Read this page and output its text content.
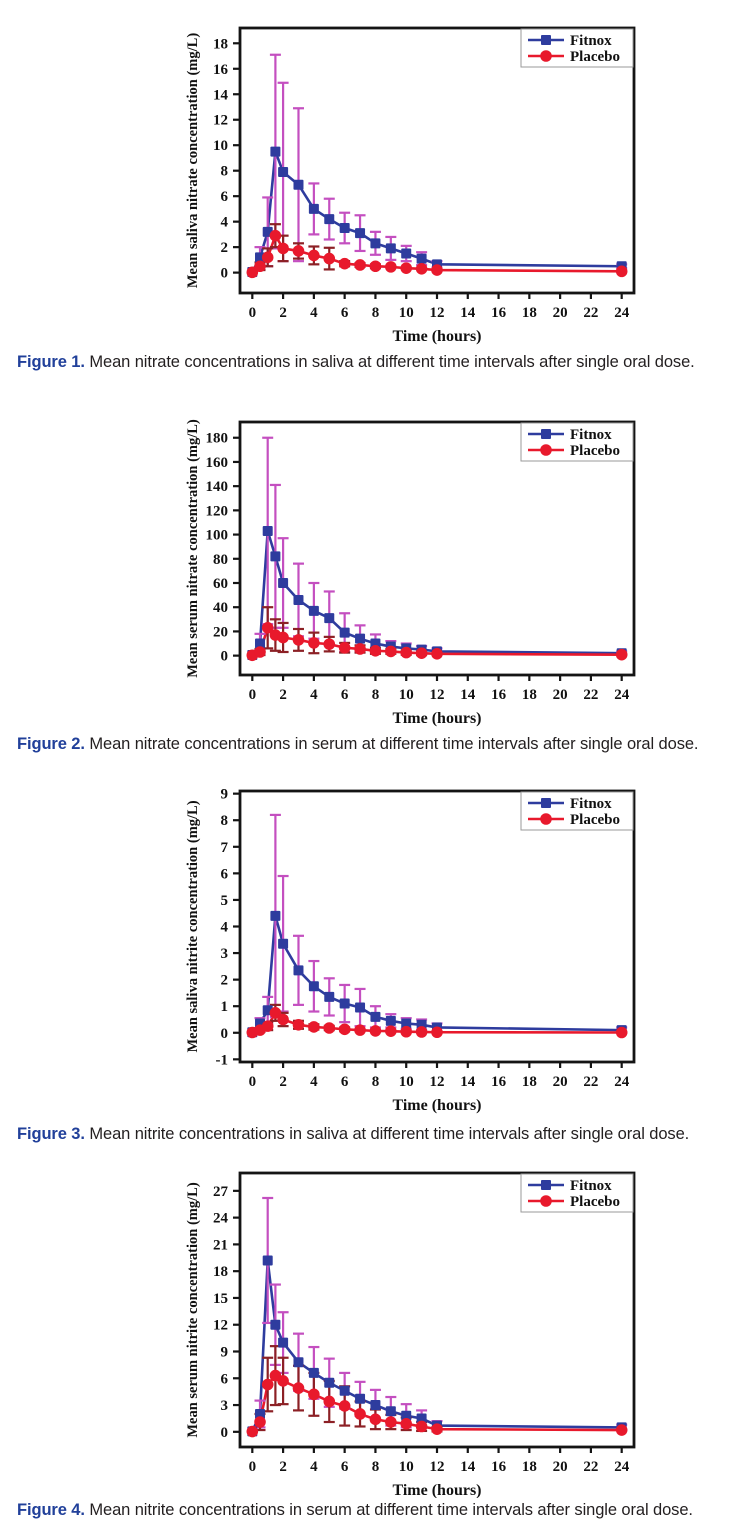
0 2 4 6 8 10 12 14 16 18 20 22 24
0
2
4
6
8
10
12
14
16
18
Mean saliva nitrate concentration (mg/L)
Time (hours)
Fitnox
Placebo
Figure 1. Mean nitrate concentrations in saliva at different time intervals after single oral dose.
0 2 4 6 8 10 12 14 16 18 20 22 24
0
20
40
60
80
100
120
140
160
180
Mean serum nitrate concentration (mg/L)
Time (hours)
Fitnox
Placebo
Figure 2. Mean nitrate concentrations in serum at different time intervals after single oral dose.
0 2 4 6 8 10 12 14 16 18 20 22 24
-1
0
1
2
3
4
5
6
7
8
9
Mean saliva nitrite concentration (mg/L)
Time (hours)
Fitnox
Placebo
Figure 3. Mean nitrite concentrations in saliva at different time intervals after single oral dose.
0 2 4 6 8 10 12 14 16 18 20 22 24
0
3
6
9
12
15
18
21
24
27
Mean serum nitrite concentration (mg/L)
Time (hours)
Fitnox
Placebo
Figure 4. Mean nitrite concentrations in serum at different time intervals after single oral dose.
